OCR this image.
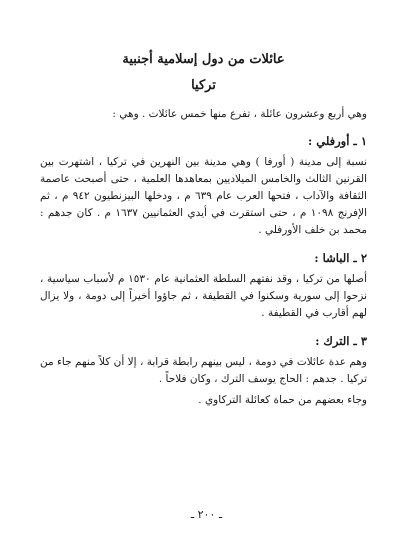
عائلات من دول إسلامية أجنبية
تركيا
وهي أربع وعشرون عائلة ، تفرع منها خمس عائلات . وهي :
١ ـ أورفلي :

نسبة إلى مدينة ( أورفا ) وهي مدينة بين النهرين في تركيا ، اشتهرت بين القرنين الثالث والخامس الميلاديين بمعاهدها العلمية ، حتى أصبحت عاصمة الثقافة والآداب ، فتحها العرب عام ٦٣٩ م ، ودخلها البيزنطيون ٩٤٢ م ، ثم الإفرنج ١٠٩٨ م ، حتى استقرت في أيدي العثمانيين ١٦٣٧ م . كان جدهم : محمد بن خلف الأورفلي .

٢ ـ الباشا :

أصلها من تركيا ، وقد نفتهم السلطة العثمانية عام ١٥٣٠ م لأسباب سياسية ، نزحوا إلى سورية وسكنوا في القطيفة ، ثم جاؤوا أخيراً إلى دومة ، ولا يزال لهم أقارب في القطيفة .

٣ ـ الترك :

وهم عدة عائلات في دومة ، ليس بينهم رابطة قرابة ، إلا أن كلاً منهم جاء من تركيا . جدهم : الحاج يوسف الترك ، وكان فلاحاً .

وجاء بعضهم من حماة كعائلة التركاوي .

ـ ٢٠٠ ـ
